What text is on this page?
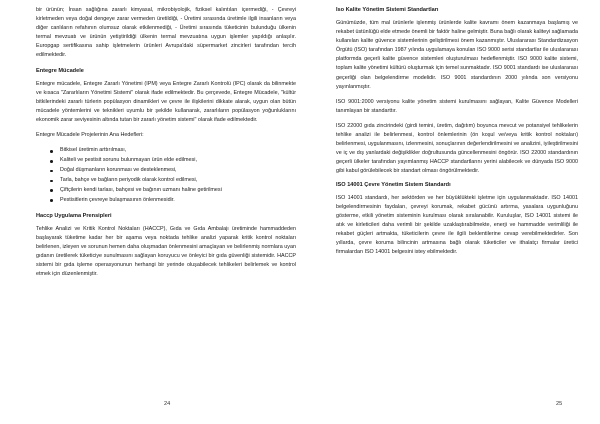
bir ürünün; İnsan sağlığına zararlı kimyasal, mikrobiyolojik, fiziksel kalıntıları içermediği, - Çevreyi kirletmeden veya doğal dengeye zarar vermeden üretildiği, - Üretimi sırasında üretimle ilgili insanların veya diğer canlıların refahının olumsuz olarak etkilenmediği, - Üretimi sırasında tüketicinin bulunduğu ülkenin termal mevzuatı ve ürünün yetiştirildiği ülkenin termal mevzuatına uygun işlemler yapıldığı anlaşılır. Europgap sertifikasına sahip işletmelerin ürünleri Avrupa'daki süpermarket zincirleri tarafından tercih edilmektedir.

Entegre Mücadele

Entegre mücadele, Entegre Zararlı Yönetimi (IPM) veya Entegre Zararlı Kontrolü (IPC) olarak da bilinmekte ve kısaca "Zararlıların Yönetimi Sistemi" olarak ifade edilmektedir. Bu çerçevede, Entegre Mücadele, "kültür bitkilerindeki zararlı türlerin popülasyon dinamikleri ve çevre ile ilişkilerini dikkate alarak, uygun olan bütün mücadele yöntemlerini ve teknikleri uyumlu bir şekilde kullanarak, zararlıların popülasyon yoğunluklarını ekonomik zarar seviyesinin altında tutan bir zararlı yönetim sistemi" olarak ifade edilmektedir.

Entegre Mücadele Projelerinin Ana Hedefleri:

Bitkisel üretimin arttırılması,
Kaliteli ve pestisit sorunu bulunmayan ürün elde edilmesi,
Doğal düşmanların korunması ve desteklenmesi,
Tarla, bahçe ve bağların periyodik olarak kontrol edilmesi,
Çiftçilerin kendi tarlası, bahçesi ve bağının uzmanı haline getirilmesi
Pestisitlerin çevreye bulaşmasının önlenmesidir.
Haccp Uygulama Prensipleri

Tehlike Analizi ve Kritik Kontrol Noktaları (HACCP), Gıda ve Gıda Ambalajı üretiminde hammaddeden başlayarak tüketime kadar her bir aşama veya noktada tehlike analizi yaparak kritik kontrol noktaları belirlenen, izleyen ve sorunun hemen daha oluşmadan önlenmesini amaçlayan ve belirlenmiş normlara uyan gıdanın üretilerek tüketiciye sunulmasını sağlayan koruyucu ve önleyici bir gıda güvenliği sistemidir. HACCP sistemi bir gıda işleme operasyonunun herhangi bir yerinde oluşabilecek tehlikeleri belirlemek ve kontrol etmek için düzenlenmiştir.

24
Iso Kalite Yönetim Sistemi Standartları

Günümüzde, tüm mal ürünlerle işlenmiş ürünlerde kalite kavramı önem kazanmaya başlamış ve rekabet üstünlüğü elde etmede önemli bir faktör haline gelmiştir. Buna bağlı olarak kaliteyi sağlamada kullanılan kalite güvence sistemlerinin geliştirilmesi önem kazanmıştır. Uluslararası Standardizasyon Örgütü (ISO) tarafından 1987 yılında uygulamaya konulan ISO 9000 serisi standartlar ile uluslararası platformda geçerli kalite güvence sistemleri oluşturulması hedeflenmiştir. ISO 9000 kalite sistemi, toplam kalite yönetimi kültürü oluşturmak için temel sunmaktadır. ISO 9001 standardı ise uluslararası geçerliği olan belgelendirme modelidir. ISO 9001 standardının 2000 yılında son versiyonu yayınlanmıştır.

ISO 9001:2000 versiyonu kalite yönetim sistemi kurulmasını sağlayan, Kalite Güvence Modelleri tanımlayan bir standarttır.

ISO 22000 gıda zincirindeki (girdi temini, üretim, dağıtım) boyunca mevcut ve potansiyel tehlikelerin tehlike analizi ile belirlenmesi, kontrol önlemlerinin (ön koşul ve/veya kritik kontrol noktaları) belirlenmesi, uygulanmasını, izlenmesini, sonuçlarının değerlendirilmesini ve analizini, iyileştirilmesini ve iç ve dış yanlardaki değişiklikler doğrultusunda güncellenmesini öngörür. ISO 22000 standardının geçerli ülkeler tarafından yayımlanmış HACCP standartlarını yerini alabilecek ve dünyada ISO 9000 gibi kabul görülebilecek bir standart olması öngörülmektedir.

ISO 14001 Çevre Yönetim Sistem Standardı

ISO 14001 standardı, her sektörden ve her büyüklükteki işletme için uygulanmaktadır. ISO 14001 belgelendirmesinin faydaları, çevreyi korumak, rekabet gücünü artırma, yasalara uygunluğunu gösterme, etkili yönetim sisteminin kurulması olarak sıralanabilir. Kuruluşlar, ISO 14001 sistemi ile atık ve kirleticileri daha verimli bir şekilde uzaklaştırabilmekte, enerji ve hammadde verimliliği ile rekabet güçleri artmakta, tüketicilerin çevre ile ilgili beklentilerine cevap verebilmektedirler. Son yıllarda, çevre koruma bilincinin artmasına bağlı olarak tüketiciler ve ithalatçı firmalar üretici firmalardan ISO 14001 belgesini istey ebilmektedir.

25
